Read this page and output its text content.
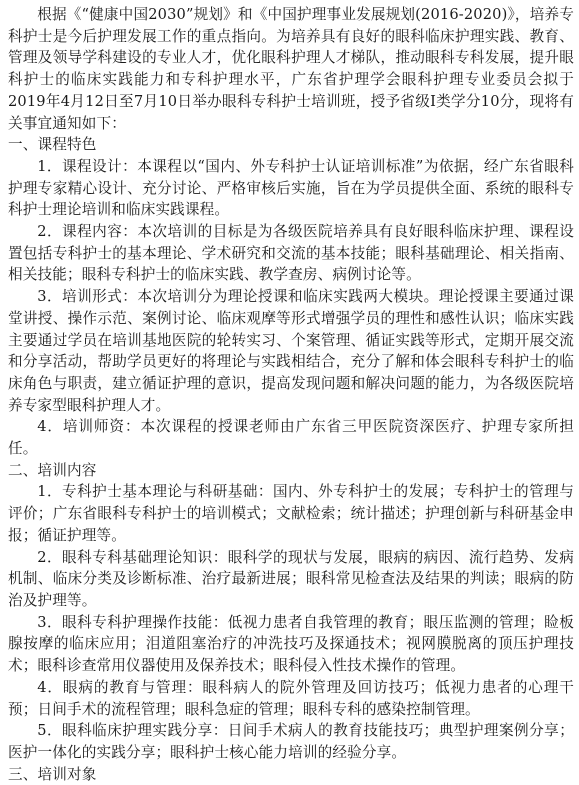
根据《“健康中国2030”规划》和《中国护理事业发展规划(2016-2020)》，培养专科护士是今后护理发展工作的重点指向。为培养具有良好的眼科临床护理实践、教育、管理及领导学科建设的专业人才，优化眼科护理人才梯队，推动眼科专科发展，提升眼科护士的临床实践能力和专科护理水平，广东省护理学会眼科护理专业委员会拟于2019年4月12日至7月10日举办眼科专科护士培训班，授予省级Ⅰ类学分10分，现将有关事宜通知如下：

一、课程特色

1．课程设计：本课程以“国内、外专科护士认证培训标准”为依据，经广东省眼科护理专家精心设计、充分讨论、严格审核后实施，旨在为学员提供全面、系统的眼科专科护士理论培训和临床实践课程。

2．课程内容：本次培训的目标是为各级医院培养具有良好眼科临床护理、课程设置包括专科护士的基本理论、学术研究和交流的基本技能；眼科基础理论、相关指南、相关技能；眼科专科护士的临床实践、教学查房、病例讨论等。

3．培训形式：本次培训分为理论授课和临床实践两大模块。理论授课主要通过课堂讲授、操作示范、案例讨论、临床观摩等形式增强学员的理性和感性认识；临床实践主要通过学员在培训基地医院的轮转实习、个案管理、循证实践等形式，定期开展交流和分享活动，帮助学员更好的将理论与实践相结合，充分了解和体会眼科专科护士的临床角色与职责，建立循证护理的意识，提高发现问题和解决问题的能力，为各级医院培养专家型眼科护理人才。

4．培训师资：本次课程的授课老师由广东省三甲医院资深医疗、护理专家所担任。

二、培训内容

1．专科护士基本理论与科研基础：国内、外专科护士的发展；专科护士的管理与评价；广东省眼科专科护士的培训模式；文献检索；统计描述；护理创新与科研基金申报；循证护理等。

2．眼科专科基础理论知识：眼科学的现状与发展，眼病的病因、流行趋势、发病机制、临床分类及诊断标准、治疗最新进展；眼科常见检查法及结果的判读；眼病的防治及护理等。

3．眼科专科护理操作技能：低视力患者自我管理的教育；眼压监测的管理；睑板腺按摩的临床应用；泪道阻塞治疗的冲洗技巧及探通技术；视网膜脱离的顶压护理技术；眼科诊查常用仪器使用及保养技术；眼科侵入性技术操作的管理。

4．眼病的教育与管理：眼科病人的院外管理及回访技巧；低视力患者的心理干预；日间手术的流程管理；眼科急症的管理；眼科专科的感染控制管理。

5．眼科临床护理实践分享：日间手术病人的教育技能技巧；典型护理案例分享；医护一体化的实践分享；眼科护士核心能力培训的经验分享。

三、培训对象
